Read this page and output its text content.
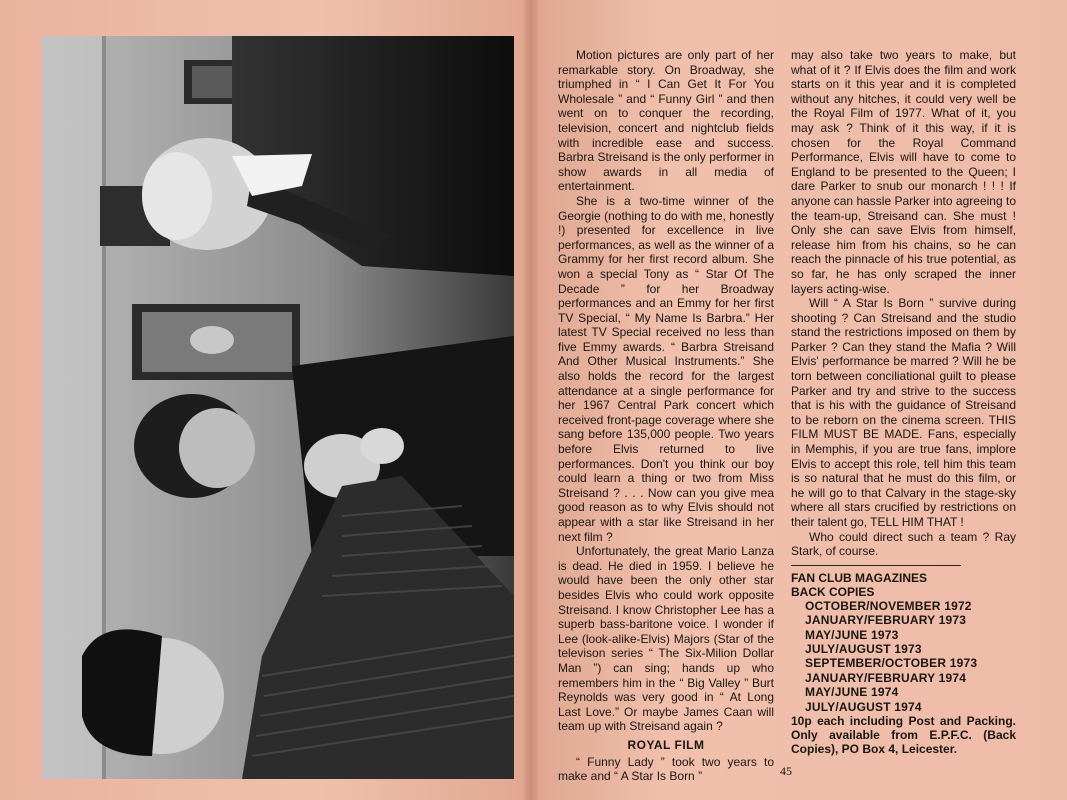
Motion pictures are only part of her remarkable story. On Broadway, she triumphed in “ I Can Get It For You Wholesale ” and “ Funny Girl ” and then went on to conquer the recording, television, concert and nightclub fields with incredible ease and success. Barbra Streisand is the only performer in show awards in all media of entertainment.

She is a two-time winner of the Georgie (nothing to do with me, honestly !) presented for excellence in live performances, as well as the winner of a Grammy for her first record album. She won a special Tony as “ Star Of The Decade ” for her Broadway performances and an Emmy for her first TV Special, “ My Name Is Barbra.” Her latest TV Special received no less than five Emmy awards. “ Barbra Streisand And Other Musical Instruments.” She also holds the record for the largest attendance at a single performance for her 1967 Central Park concert which received front-page coverage where she sang before 135,000 people. Two years before Elvis returned to live performances. Don't you think our boy could learn a thing or two from Miss Streisand ? . . . Now can you give mea good reason as to why Elvis should not appear with a star like Streisand in her next film ?

Unfortunately, the great Mario Lanza is dead. He died in 1959. I believe he would have been the only other star besides Elvis who could work opposite Streisand. I know Christopher Lee has a superb bass-baritone voice. I wonder if Lee (look-alike-Elvis) Majors (Star of the televison series “ The Six-Milion Dollar Man ”) can sing; hands up who remembers him in the “ Big Valley ” Burt Reynolds was very good in “ At Long Last Love.” Or maybe James Caan will team up with Streisand again ?

ROYAL FILM

“ Funny Lady ” took two years to make and “ A Star Is Born ”

may also take two years to make, but what of it ? If Elvis does the film and work starts on it this year and it is completed without any hitches, it could very well be the Royal Film of 1977. What of it, you may ask ? Think of it this way, if it is chosen for the Royal Command Performance, Elvis will have to come to England to be presented to the Queen; I dare Parker to snub our monarch ! ! ! If anyone can hassle Parker into agreeing to the team-up, Streisand can. She must ! Only she can save Elvis from himself, release him from his chains, so he can reach the pinnacle of his true potential, as so far, he has only scraped the inner layers acting-wise.

Will “ A Star Is Born ” survive during shooting ? Can Streisand and the studio stand the restrictions imposed on them by Parker ? Can they stand the Mafia ? Will Elvis' performance be marred ? Will he be torn between conciliational guilt to please Parker and try and strive to the success that is his with the guidance of Streisand to be reborn on the cinema screen. THIS FILM MUST BE MADE. Fans, especially in Memphis, if you are true fans, implore Elvis to accept this role, tell him this team is so natural that he must do this film, or he will go to that Calvary in the stage-sky where all stars crucified by restrictions on their talent go, TELL HIM THAT !

Who could direct such a team ? Ray Stark, of course.

FAN CLUB MAGAZINES
BACK COPIES
OCTOBER/NOVEMBER 1972
JANUARY/FEBRUARY 1973
MAY/JUNE 1973
JULY/AUGUST 1973
SEPTEMBER/OCTOBER 1973
JANUARY/FEBRUARY 1974
MAY/JUNE 1974
JULY/AUGUST 1974

10p each including Post and Packing. Only available from E.P.F.C. (Back Copies), PO Box 4, Leicester.

45
